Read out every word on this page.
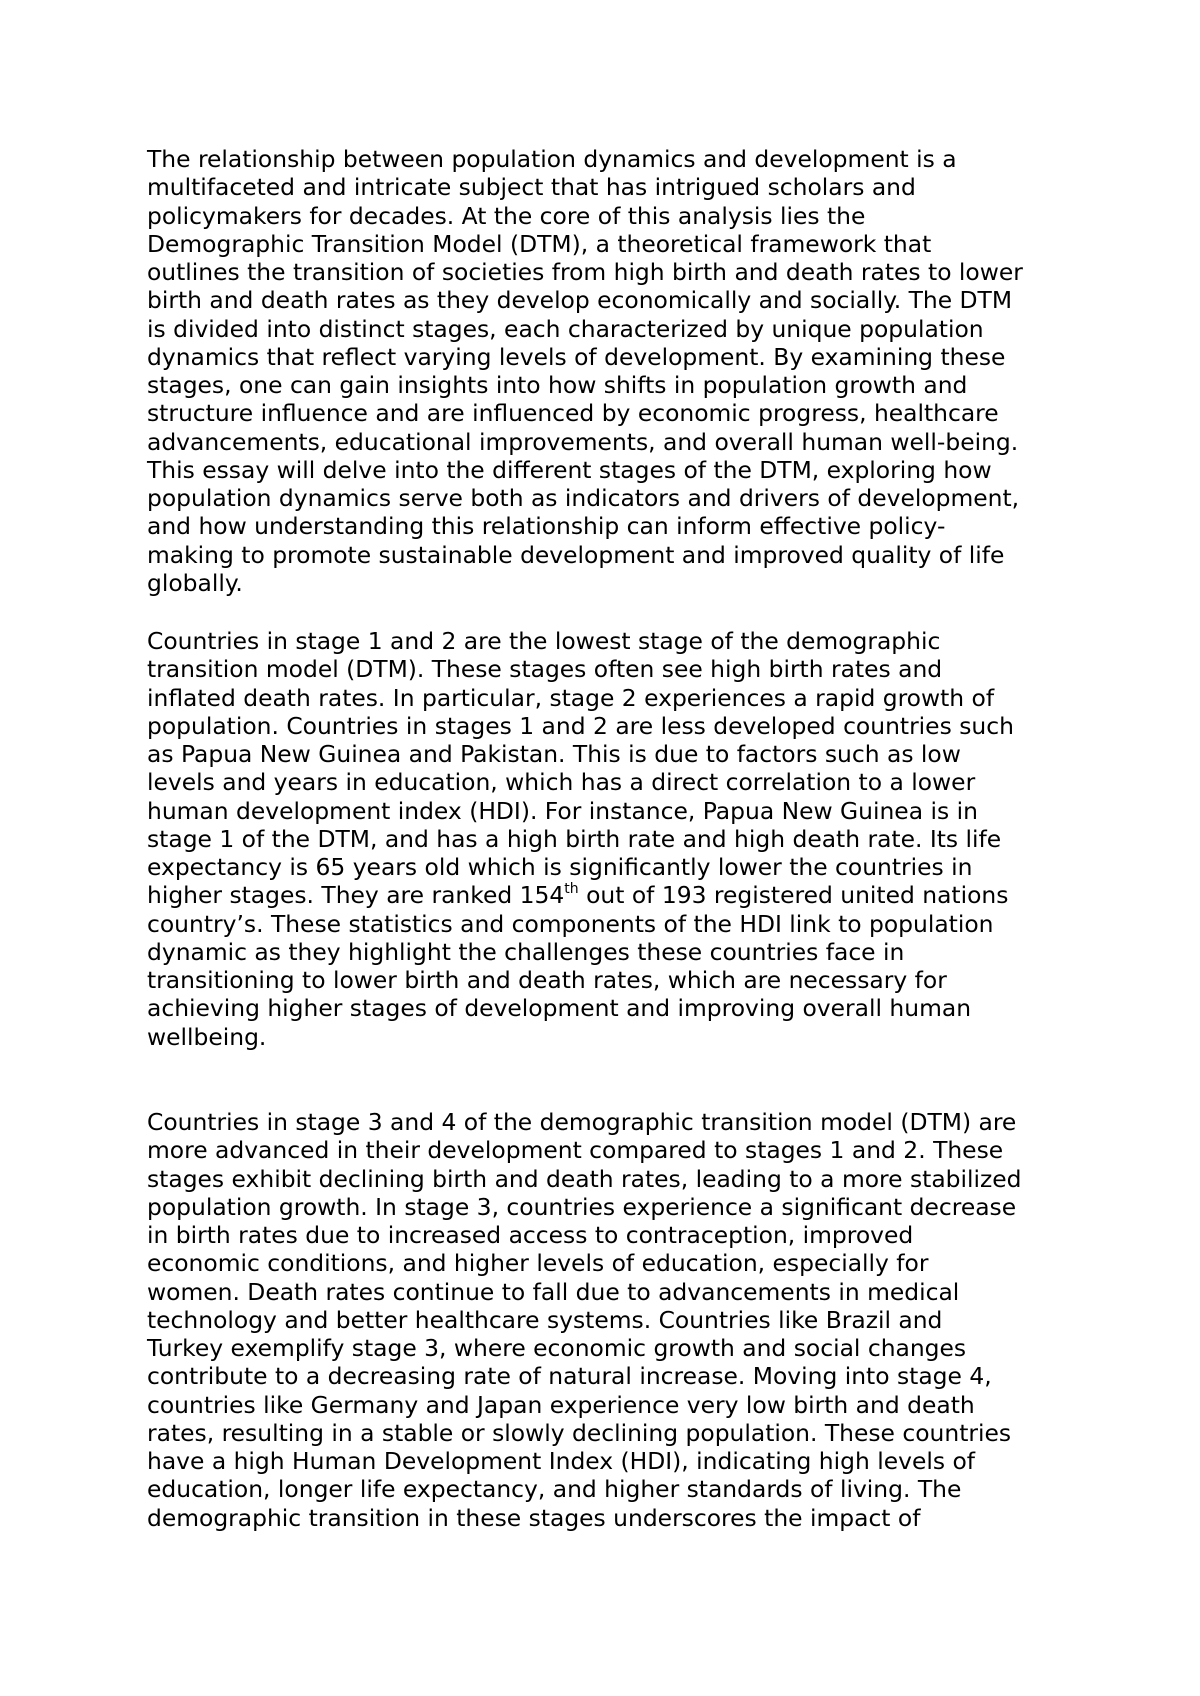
The relationship between population dynamics and development is a
multifaceted and intricate subject that has intrigued scholars and
policymakers for decades. At the core of this analysis lies the
Demographic Transition Model (DTM), a theoretical framework that
outlines the transition of societies from high birth and death rates to lower
birth and death rates as they develop economically and socially. The DTM
is divided into distinct stages, each characterized by unique population
dynamics that reflect varying levels of development. By examining these
stages, one can gain insights into how shifts in population growth and
structure influence and are influenced by economic progress, healthcare
advancements, educational improvements, and overall human well-being.
This essay will delve into the different stages of the DTM, exploring how
population dynamics serve both as indicators and drivers of development,
and how understanding this relationship can inform effective policy-
making to promote sustainable development and improved quality of life
globally.
Countries in stage 1 and 2 are the lowest stage of the demographic
transition model (DTM). These stages often see high birth rates and
inflated death rates. In particular, stage 2 experiences a rapid growth of
population. Countries in stages 1 and 2 are less developed countries such
as Papua New Guinea and Pakistan. This is due to factors such as low
levels and years in education, which has a direct correlation to a lower
human development index (HDI). For instance, Papua New Guinea is in
stage 1 of the DTM, and has a high birth rate and high death rate. Its life
expectancy is 65 years old which is significantly lower the countries in
higher stages. They are ranked 154th out of 193 registered united nations
country’s. These statistics and components of the HDI link to population
dynamic as they highlight the challenges these countries face in
transitioning to lower birth and death rates, which are necessary for
achieving higher stages of development and improving overall human
wellbeing.
Countries in stage 3 and 4 of the demographic transition model (DTM) are
more advanced in their development compared to stages 1 and 2. These
stages exhibit declining birth and death rates, leading to a more stabilized
population growth. In stage 3, countries experience a significant decrease
in birth rates due to increased access to contraception, improved
economic conditions, and higher levels of education, especially for
women. Death rates continue to fall due to advancements in medical
technology and better healthcare systems. Countries like Brazil and
Turkey exemplify stage 3, where economic growth and social changes
contribute to a decreasing rate of natural increase. Moving into stage 4,
countries like Germany and Japan experience very low birth and death
rates, resulting in a stable or slowly declining population. These countries
have a high Human Development Index (HDI), indicating high levels of
education, longer life expectancy, and higher standards of living. The
demographic transition in these stages underscores the impact of
